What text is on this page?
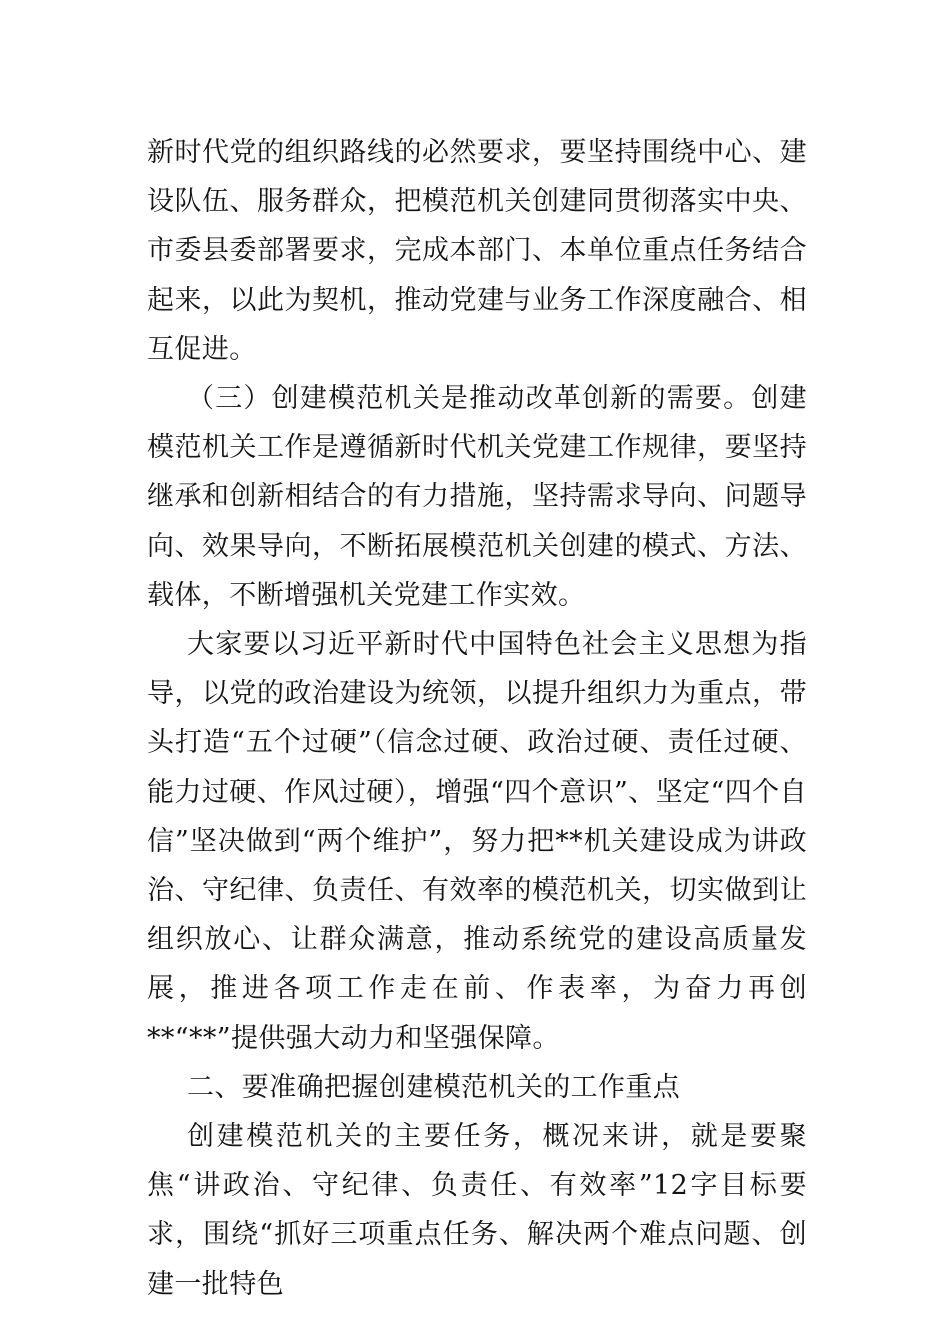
新时代党的组织路线的必然要求，要坚持围绕中心、建设队伍、服务群众，把模范机关创建同贯彻落实中央、市委县委部署要求，完成本部门、本单位重点任务结合起来，以此为契机，推动党建与业务工作深度融合、相互促进。

（三）创建模范机关是推动改革创新的需要。创建模范机关工作是遵循新时代机关党建工作规律，要坚持继承和创新相结合的有力措施，坚持需求导向、问题导向、效果导向，不断拓展模范机关创建的模式、方法、载体，不断增强机关党建工作实效。

大家要以习近平新时代中国特色社会主义思想为指导，以党的政治建设为统领，以提升组织力为重点，带头打造“五个过硬”（信念过硬、政治过硬、责任过硬、能力过硬、作风过硬），增强“四个意识”、坚定“四个自信”坚决做到“两个维护”，努力把**机关建设成为讲政治、守纪律、负责任、有效率的模范机关，切实做到让组织放心、让群众满意，推动系统党的建设高质量发展，推进各项工作走在前、作表率，为奋力再创**“**”提供强大动力和坚强保障。

二、要准确把握创建模范机关的工作重点

创建模范机关的主要任务，概况来讲，就是要聚焦“讲政治、守纪律、负责任、有效率”12字目标要求，围绕“抓好三项重点任务、解决两个难点问题、创建一批特色
